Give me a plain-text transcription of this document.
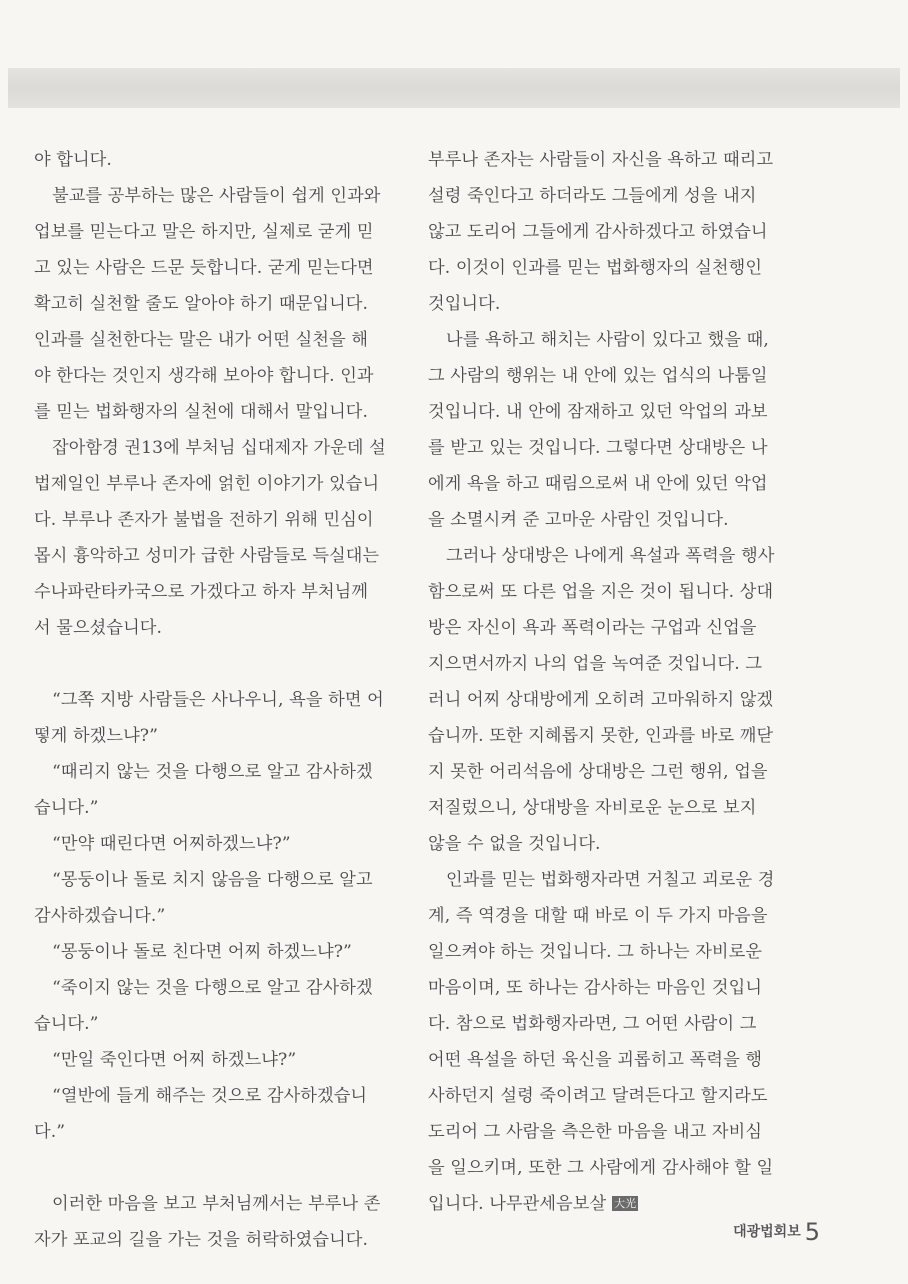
야 합니다.
불교를 공부하는 많은 사람들이 쉽게 인과와
업보를 믿는다고 말은 하지만, 실제로 굳게 믿
고 있는 사람은 드문 듯합니다. 굳게 믿는다면
확고히 실천할 줄도 알아야 하기 때문입니다.
인과를 실천한다는 말은 내가 어떤 실천을 해
야 한다는 것인지 생각해 보아야 합니다. 인과
를 믿는 법화행자의 실천에 대해서 말입니다.
잡아함경 권13에 부처님 십대제자 가운데 설
법제일인 부루나 존자에 얽힌 이야기가 있습니
다. 부루나 존자가 불법을 전하기 위해 민심이
몹시 흉악하고 성미가 급한 사람들로 득실대는
수나파란타카국으로 가겠다고 하자 부처님께
서 물으셨습니다.
“그쪽 지방 사람들은 사나우니, 욕을 하면 어
떻게 하겠느냐?”
“때리지 않는 것을 다행으로 알고 감사하겠
습니다.”
“만약 때린다면 어찌하겠느냐?”
“몽둥이나 돌로 치지 않음을 다행으로 알고
감사하겠습니다.”
“몽둥이나 돌로 친다면 어찌 하겠느냐?”
“죽이지 않는 것을 다행으로 알고 감사하겠
습니다.”
“만일 죽인다면 어찌 하겠느냐?”
“열반에 들게 해주는 것으로 감사하겠습니
다.”
이러한 마음을 보고 부처님께서는 부루나 존
자가 포교의 길을 가는 것을 허락하였습니다.
부루나 존자는 사람들이 자신을 욕하고 때리고
설령 죽인다고 하더라도 그들에게 성을 내지
않고 도리어 그들에게 감사하겠다고 하였습니
다. 이것이 인과를 믿는 법화행자의 실천행인
것입니다.
나를 욕하고 해치는 사람이 있다고 했을 때,
그 사람의 행위는 내 안에 있는 업식의 나툼일
것입니다. 내 안에 잠재하고 있던 악업의 과보
를 받고 있는 것입니다. 그렇다면 상대방은 나
에게 욕을 하고 때림으로써 내 안에 있던 악업
을 소멸시켜 준 고마운 사람인 것입니다.
그러나 상대방은 나에게 욕설과 폭력을 행사
함으로써 또 다른 업을 지은 것이 됩니다. 상대
방은 자신이 욕과 폭력이라는 구업과 신업을
지으면서까지 나의 업을 녹여준 것입니다. 그
러니 어찌 상대방에게 오히려 고마워하지 않겠
습니까. 또한 지혜롭지 못한, 인과를 바로 깨닫
지 못한 어리석음에 상대방은 그런 행위, 업을
저질렀으니, 상대방을 자비로운 눈으로 보지
않을 수 없을 것입니다.
인과를 믿는 법화행자라면 거칠고 괴로운 경
계, 즉 역경을 대할 때 바로 이 두 가지 마음을
일으켜야 하는 것입니다. 그 하나는 자비로운
마음이며, 또 하나는 감사하는 마음인 것입니
다. 참으로 법화행자라면, 그 어떤 사람이 그
어떤 욕설을 하던 육신을 괴롭히고 폭력을 행
사하던지 설령 죽이려고 달려든다고 할지라도
도리어 그 사람을 측은한 마음을 내고 자비심
을 일으키며, 또한 그 사람에게 감사해야 할 일
입니다. 나무관세음보살 大光
대광법회보 5
